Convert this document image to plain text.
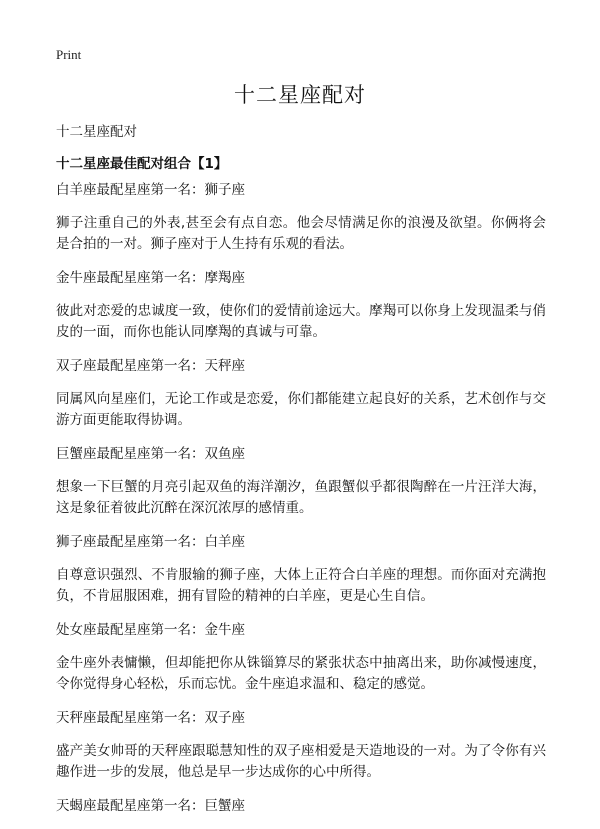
Print
十二星座配对

十二星座配对

十二星座最佳配对组合【1】

白羊座最配星座第一名：狮子座

狮子注重自己的外表,甚至会有点自恋。他会尽情满足你的浪漫及欲望。你俩将会是合拍的一对。狮子座对于人生持有乐观的看法。

金牛座最配星座第一名：摩羯座

彼此对恋爱的忠诚度一致，使你们的爱情前途远大。摩羯可以你身上发现温柔与俏皮的一面，而你也能认同摩羯的真诚与可靠。

双子座最配星座第一名：天秤座

同属风向星座们，无论工作或是恋爱，你们都能建立起良好的关系，艺术创作与交游方面更能取得协调。

巨蟹座最配星座第一名：双鱼座

想象一下巨蟹的月亮引起双鱼的海洋潮汐，鱼跟蟹似乎都很陶醉在一片汪洋大海，这是象征着彼此沉醉在深沉浓厚的感情重。

狮子座最配星座第一名：白羊座

自尊意识强烈、不肯服输的狮子座，大体上正符合白羊座的理想。而你面对充满抱负，不肯屈服困难，拥有冒险的精神的白羊座，更是心生自信。

处女座最配星座第一名：金牛座

金牛座外表慵懒，但却能把你从铢锱算尽的紧张状态中抽离出来，助你减慢速度，令你觉得身心轻松，乐而忘忧。金牛座追求温和、稳定的感觉。

天秤座最配星座第一名：双子座

盛产美女帅哥的天秤座跟聪慧知性的双子座相爱是天造地设的一对。为了令你有兴趣作进一步的发展，他总是早一步达成你的心中所得。

天蝎座最配星座第一名：巨蟹座
